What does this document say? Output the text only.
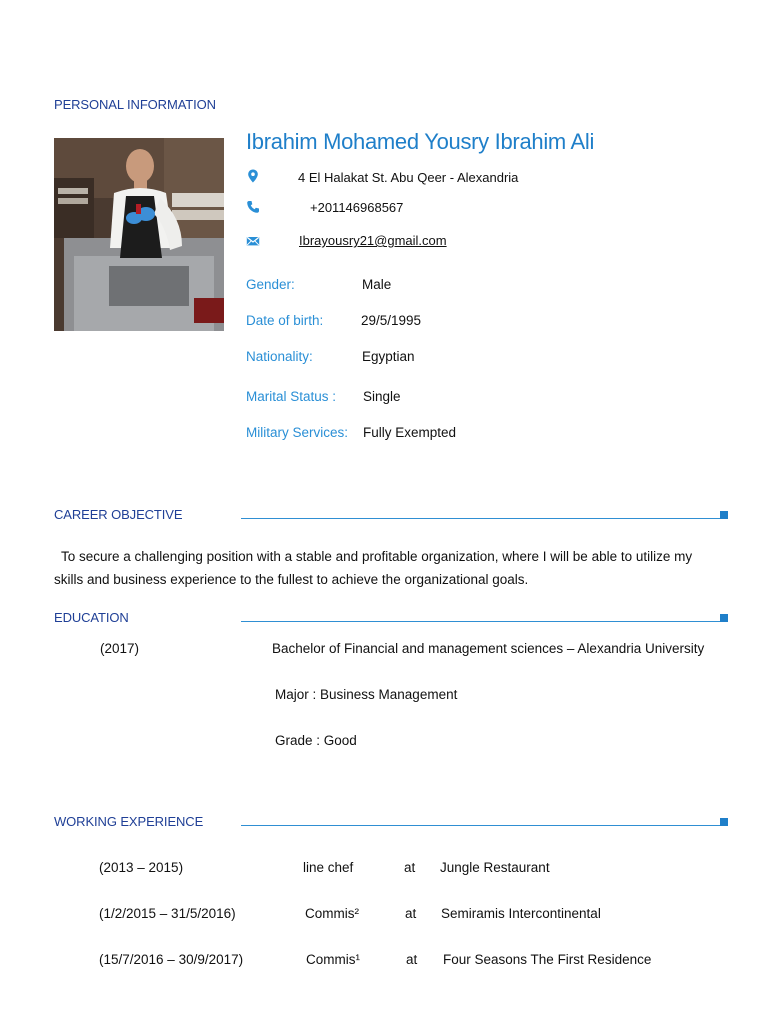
PERSONAL INFORMATION
Ibrahim Mohamed Yousry Ibrahim Ali
4 El Halakat St. Abu Qeer - Alexandria
+201146968567
Ibrayousry21@gmail.com
Gender:	Male
Date of birth:	29/5/1995
Nationality:	Egyptian
Marital Status : Single
Military Services: Fully Exempted
CAREER OBJECTIVE
To secure a challenging position with a stable and profitable organization, where I will be able to utilize my
skills and business experience to the fullest to achieve the organizational goals.
EDUCATION
(2017)	Bachelor of Financial and management sciences – Alexandria University
Major : Business Management
Grade : Good
WORKING EXPERIENCE
(2013 – 2015)	line chef	at Jungle Restaurant
(1/2/2015 – 31/5/2016)	Commis²	at Semiramis Intercontinental
(15/7/2016 – 30/9/2017)	Commis¹	at Four Seasons The First Residence
